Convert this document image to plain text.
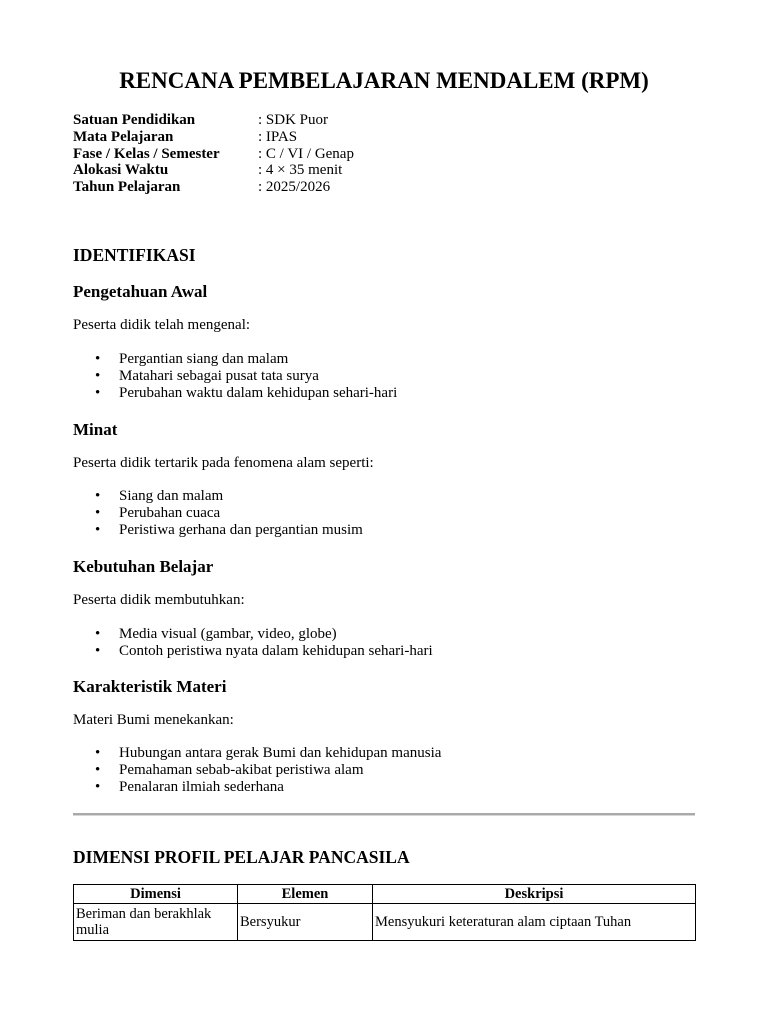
RENCANA PEMBELAJARAN MENDALEM (RPM)
Satuan Pendidikan	: SDK Puor
Mata Pelajaran	: IPAS
Fase / Kelas / Semester	: C / VI / Genap
Alokasi Waktu	: 4 × 35 menit
Tahun Pelajaran	: 2025/2026
IDENTIFIKASI
Pengetahuan Awal

Peserta didik telah mengenal:

• Pergantian siang dan malam
• Matahari sebagai pusat tata surya
• Perubahan waktu dalam kehidupan sehari-hari
Minat

Peserta didik tertarik pada fenomena alam seperti:

• Siang dan malam
• Perubahan cuaca
• Peristiwa gerhana dan pergantian musim
Kebutuhan Belajar

Peserta didik membutuhkan:

• Media visual (gambar, video, globe)
• Contoh peristiwa nyata dalam kehidupan sehari-hari
Karakteristik Materi

Materi Bumi menekankan:

• Hubungan antara gerak Bumi dan kehidupan manusia
• Pemahaman sebab-akibat peristiwa alam
• Penalaran ilmiah sederhana
DIMENSI PROFIL PELAJAR PANCASILA
Dimensi	Elemen	Deskripsi
Beriman dan berakhlak mulia	Bersyukur	Mensyukuri keteraturan alam ciptaan Tuhan
